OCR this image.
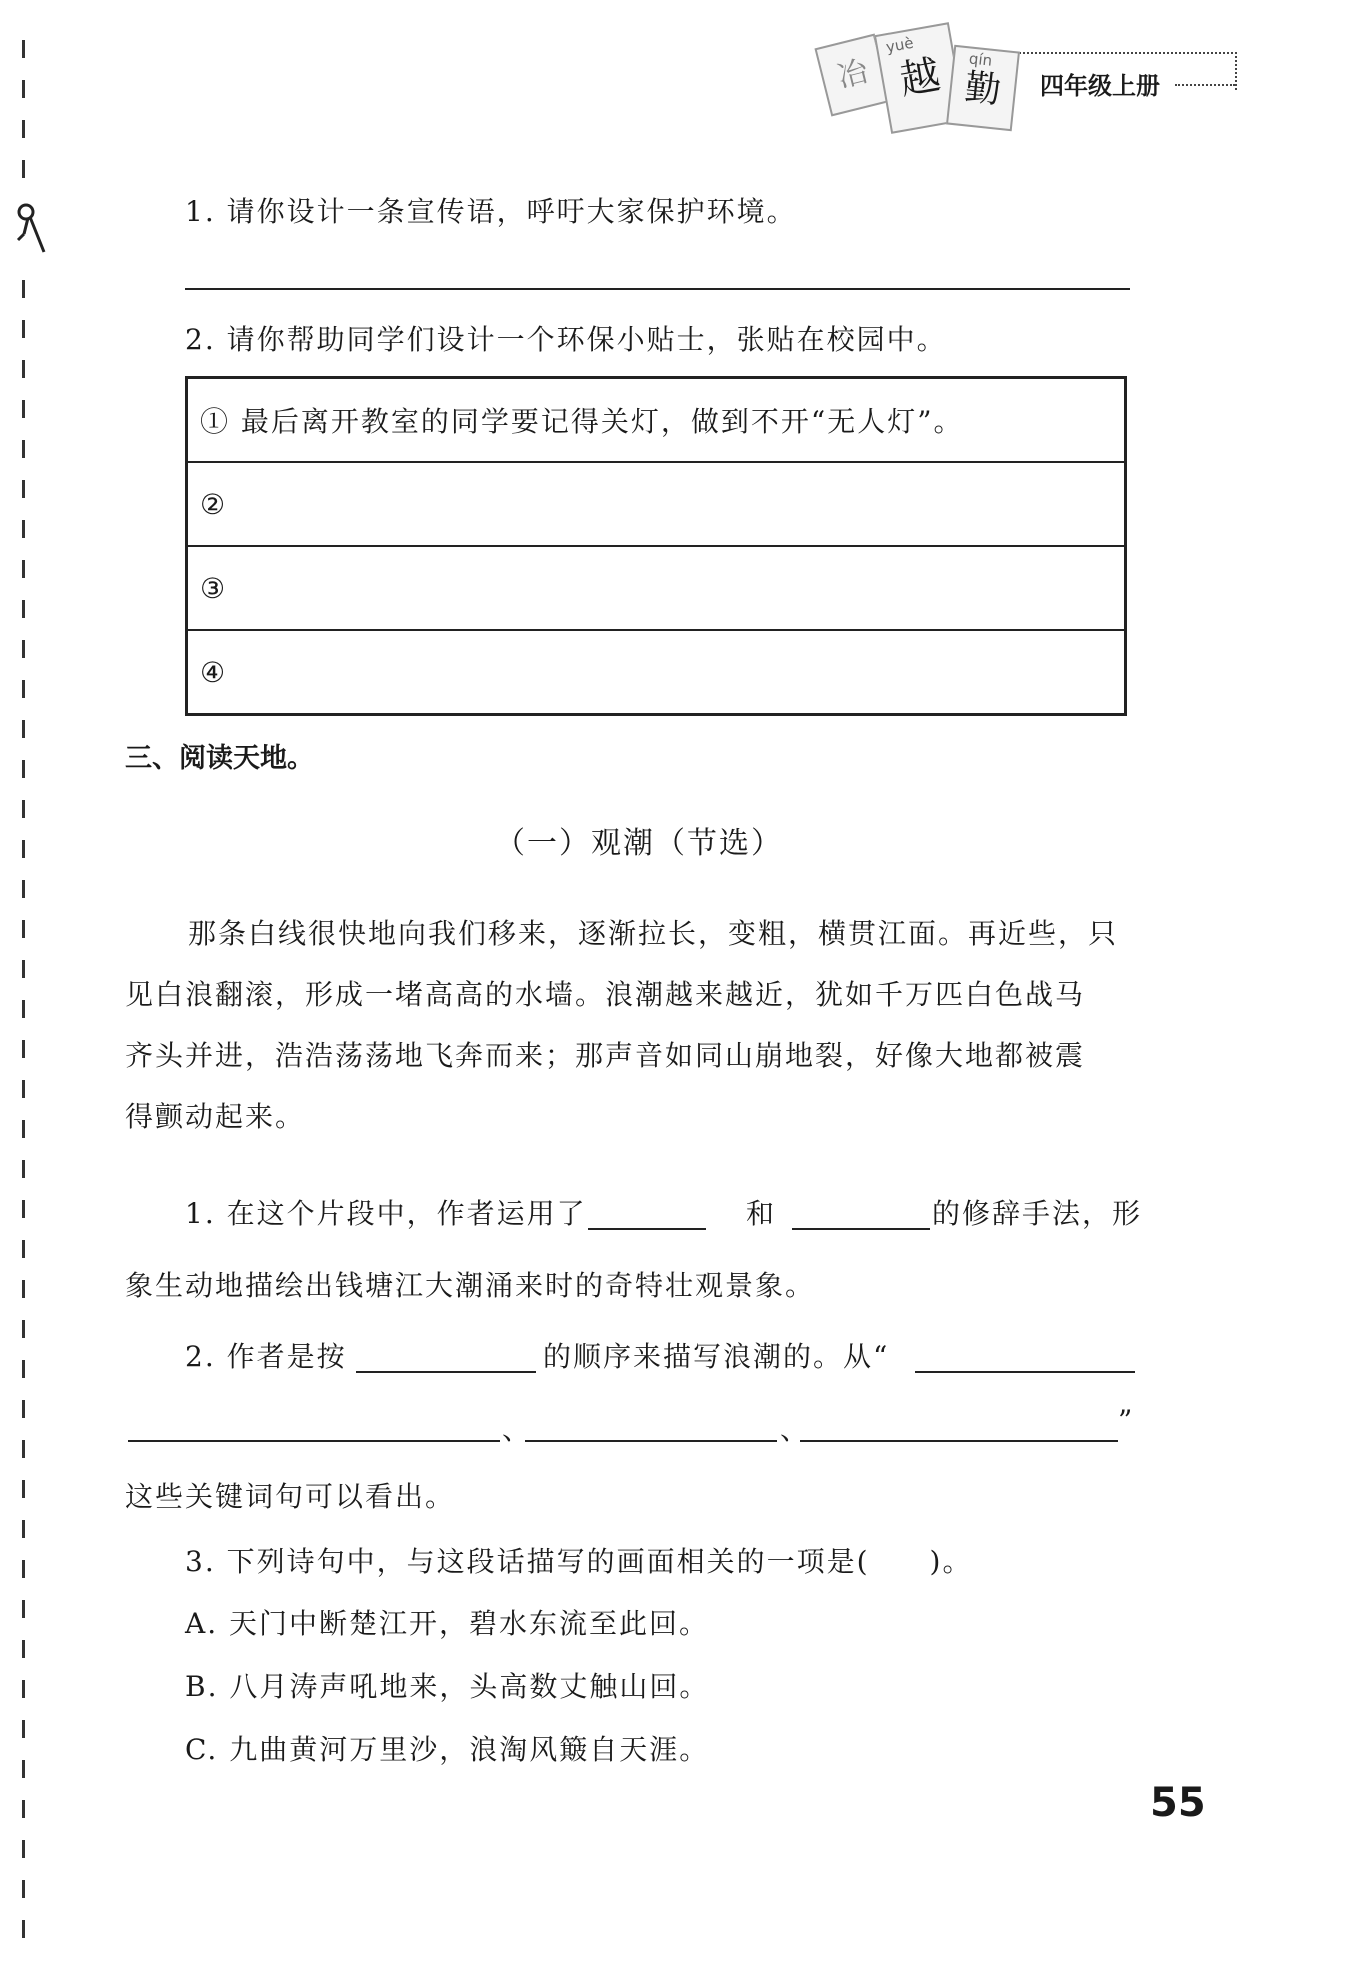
冶
yuè
越	qín
勤	四年级上册
1. 请你设计一条宣传语，呼吁大家保护环境。
2. 请你帮助同学们设计一个环保小贴士，张贴在校园中。
① 最后离开教室的同学要记得关灯，做到不开“无人灯”。
②
③
④
三、阅读天地。
（一）观潮（节选）
那条白线很快地向我们移来，逐渐拉长，变粗，横贯江面。再近些，只
见白浪翻滚，形成一堵高高的水墙。浪潮越来越近，犹如千万匹白色战马
齐头并进，浩浩荡荡地飞奔而来；那声音如同山崩地裂，好像大地都被震
得颤动起来。
1. 在这个片段中，作者运用了	和	的修辞手法，形
象生动地描绘出钱塘江大潮涌来时的奇特壮观景象。
2. 作者是按	的顺序来描写浪潮的。从“
、	、	”
这些关键词句可以看出。
3. 下列诗句中，与这段话描写的画面相关的一项是(　　)。
A. 天门中断楚江开，碧水东流至此回。
B. 八月涛声吼地来，头高数丈触山回。
C. 九曲黄河万里沙，浪淘风簸自天涯。
55
